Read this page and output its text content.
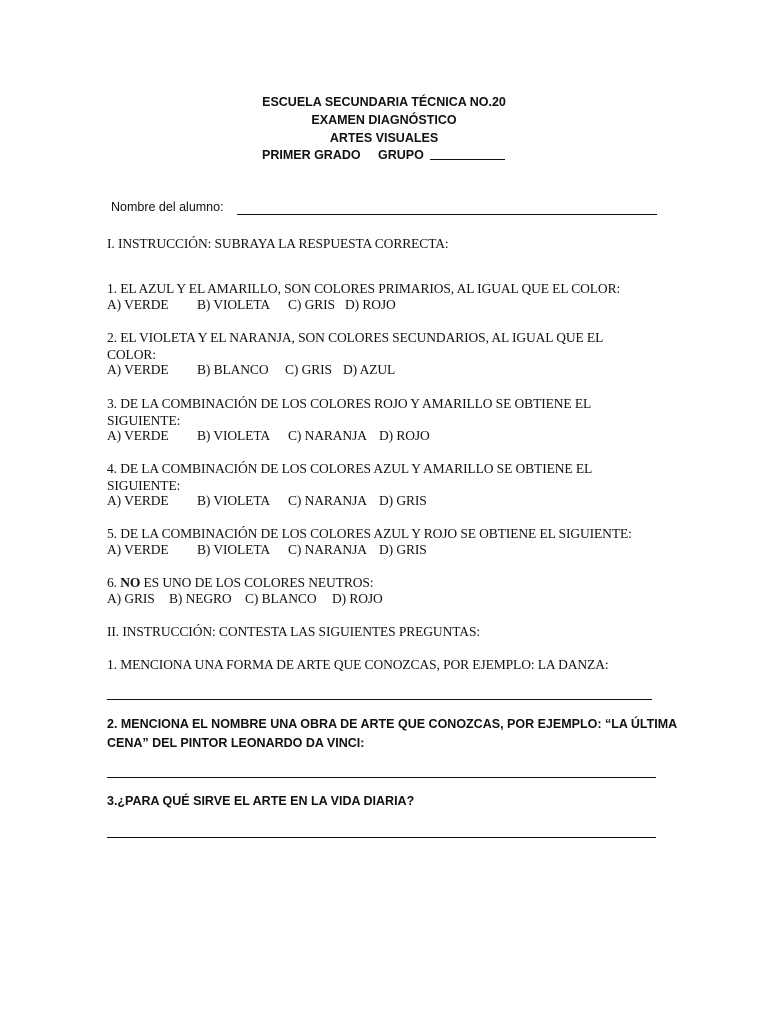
ESCUELA SECUNDARIA TÉCNICA NO.20
EXAMEN DIAGNÓSTICO
ARTES VISUALES
PRIMER GRADO GRUPO
Nombre del alumno:
I. INSTRUCCIÓN: SUBRAYA LA RESPUESTA CORRECTA:
1. EL AZUL Y EL AMARILLO, SON COLORES PRIMARIOS, AL IGUAL QUE EL COLOR:
A) VERDE B) VIOLETA C) GRIS D) ROJO
2. EL VIOLETA Y EL NARANJA, SON COLORES SECUNDARIOS, AL IGUAL QUE EL
COLOR:
A) VERDE B) BLANCO C) GRIS D) AZUL
3. DE LA COMBINACIÓN DE LOS COLORES ROJO Y AMARILLO SE OBTIENE EL
SIGUIENTE:
A) VERDE B) VIOLETA C) NARANJA D) ROJO
4. DE LA COMBINACIÓN DE LOS COLORES AZUL Y AMARILLO SE OBTIENE EL
SIGUIENTE:
A) VERDE B) VIOLETA C) NARANJA D) GRIS
5. DE LA COMBINACIÓN DE LOS COLORES AZUL Y ROJO SE OBTIENE EL SIGUIENTE:
A) VERDE B) VIOLETA C) NARANJA D) GRIS
6. NO ES UNO DE LOS COLORES NEUTROS:
A) GRIS B) NEGRO C) BLANCO D) ROJO
II. INSTRUCCIÓN: CONTESTA LAS SIGUIENTES PREGUNTAS:
1. MENCIONA UNA FORMA DE ARTE QUE CONOZCAS, POR EJEMPLO: LA DANZA:
2. MENCIONA EL NOMBRE UNA OBRA DE ARTE QUE CONOZCAS, POR EJEMPLO: “LA ÚLTIMA
CENA” DEL PINTOR LEONARDO DA VINCI:
3.¿PARA QUÉ SIRVE EL ARTE EN LA VIDA DIARIA?
